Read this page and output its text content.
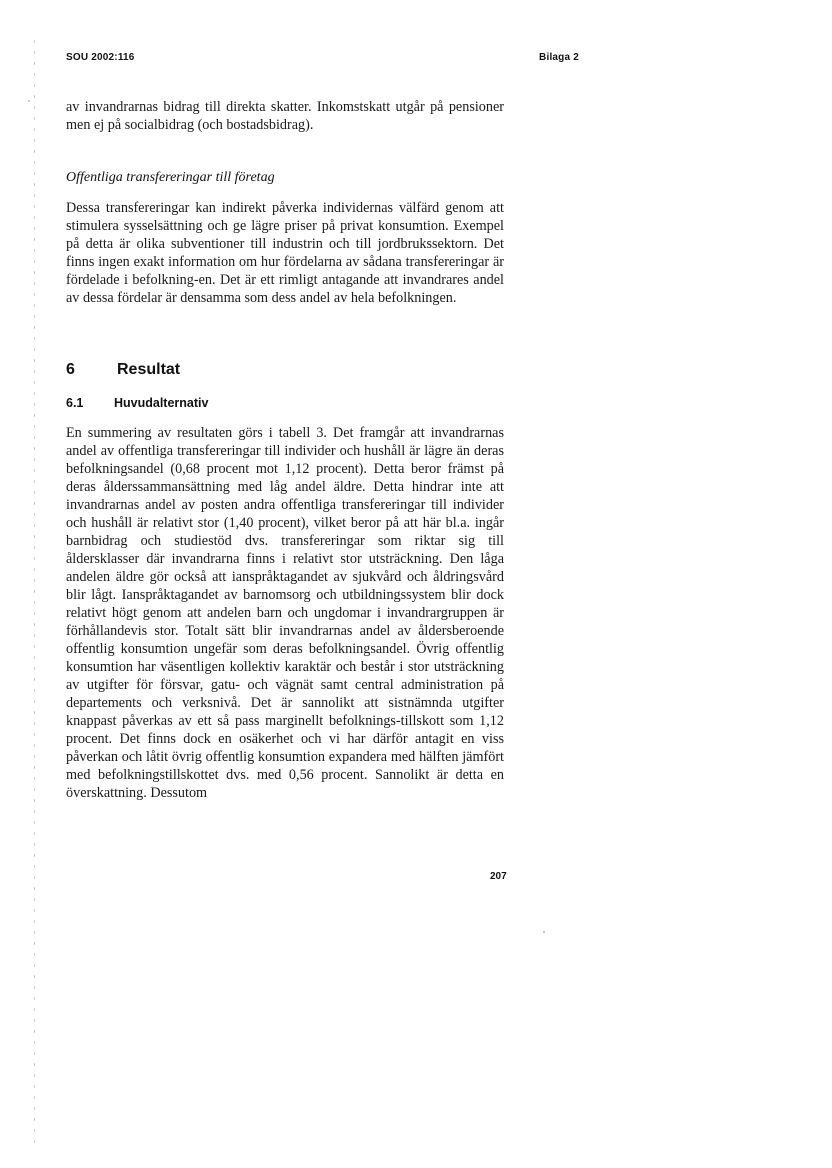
SOU 2002:116	Bilaga 2

av invandrarnas bidrag till direkta skatter. Inkomstskatt utgår på pensioner men ej på socialbidrag (och bostadsbidrag).

Offentliga transfereringar till företag

Dessa transfereringar kan indirekt påverka individernas välfärd genom att stimulera sysselsättning och ge lägre priser på privat konsumtion. Exempel på detta är olika subventioner till industrin och till jordbrukssektorn. Det finns ingen exakt information om hur fördelarna av sådana transfereringar är fördelade i befolkning-en. Det är ett rimligt antagande att invandrares andel av dessa fördelar är densamma som dess andel av hela befolkningen.

6	Resultat
6.1 Huvudalternativ

En summering av resultaten görs i tabell 3. Det framgår att invandrarnas andel av offentliga transfereringar till individer och hushåll är lägre än deras befolkningsandel (0,68 procent mot 1,12 procent). Detta beror främst på deras ålderssammansättning med låg andel äldre. Detta hindrar inte att invandrarnas andel av posten andra offentliga transfereringar till individer och hushåll är relativt stor (1,40 procent), vilket beror på att här bl.a. ingår barnbidrag och studiestöd dvs. transfereringar som riktar sig till åldersklasser där invandrarna finns i relativt stor utsträckning. Den låga andelen äldre gör också att ianspråktagandet av sjukvård och åldringsvård blir lågt. Ianspråktagandet av barnomsorg och utbildningssystem blir dock relativt högt genom att andelen barn och ungdomar i invandrargruppen är förhållandevis stor. Totalt sätt blir invandrarnas andel av åldersberoende offentlig konsumtion ungefär som deras befolkningsandel. Övrig offentlig konsumtion har väsentligen kollektiv karaktär och består i stor utsträckning av utgifter för försvar, gatu- och vägnät samt central administration på departements och verksnivå. Det är sannolikt att sistnämnda utgifter knappast påverkas av ett så pass marginellt befolknings-tillskott som 1,12 procent. Det finns dock en osäkerhet och vi har därför antagit en viss påverkan och låtit övrig offentlig konsumtion expandera med hälften jämfört med befolkningstillskottet dvs. med 0,56 procent. Sannolikt är detta en överskattning. Dessutom

207
